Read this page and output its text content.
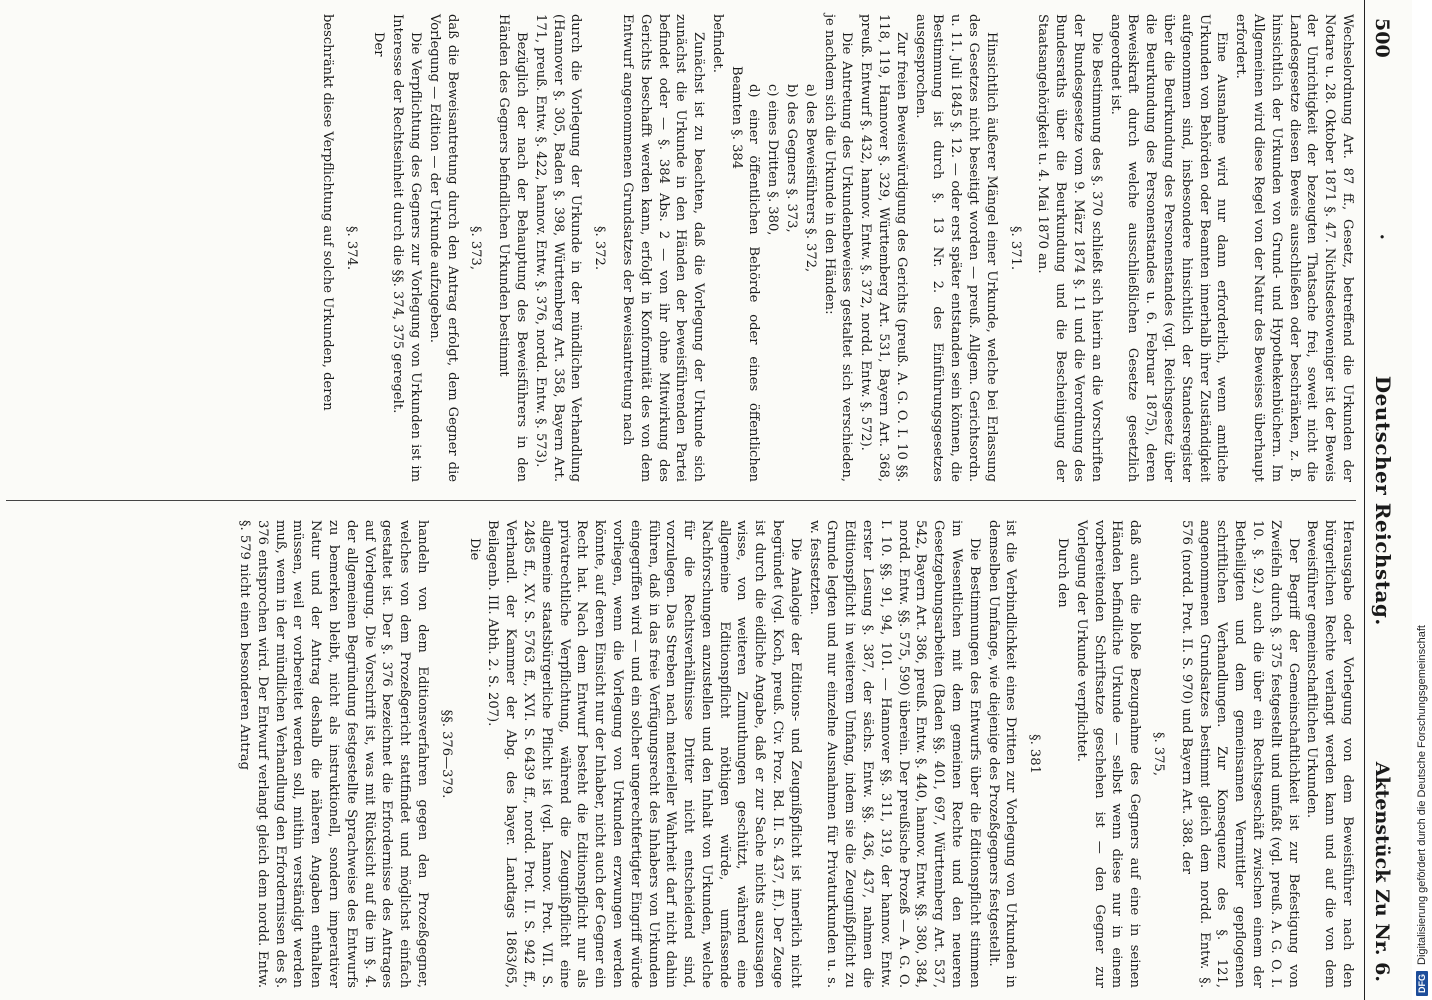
500
·
Deutscher Reichstag.
Aktenstück Zu Nr. 6.

Wechselordnung Art. 87 ff., Gesetz, betreffend die Urkunden der Notare u. 28. Oktober 1871 §. 47. Nichtsdestoweniger ist der Beweis der Unrichtigkeit der bezeugten Thatsache frei, soweit nicht die Landesgesetze diesen Beweis ausschließen oder beschränken, z. B. hinsichtlich der Urkunden von Grund- und Hypothekenbüchern. Im Allgemeinen wird diese Regel von der Natur des Beweises überhaupt erfordert.

Eine Ausnahme wird nur dann erforderlich, wenn amtliche Urkunden von Behörden oder Beamten innerhalb ihrer Zuständigkeit aufgenommen sind, insbesondere hinsichtlich der Standesregister über die Beurkundung des Personenstandes (vgl. Reichsgesetz über die Beurkundung des Personenstandes u. 6. Februar 1875), deren Beweiskraft durch welche ausschließlichen Gesetze gesetzlich angeordnet ist.

Die Bestimmung des §. 370 schließt sich hierin an die Vorschriften der Bundesgesetze vom 9. März 1874 §. 11 und die Verordnung des Bundesraths über die Beurkundung und die Bescheinigung der Staatsangehörigkeit u. 4. Mai 1870 an.

§. 371.

Hinsichtlich äußerer Mängel einer Urkunde, welche bei Erlassung des Gesetzes nicht beseitigt worden — preuß. Allgem. Gerichtsordn. u. 11. Juli 1845 §. 12. — oder erst später entstanden sein können, die Bestimmung ist durch §. 13 Nr. 2. des Einführungsgesetzes ausgesprochen.

Zur freien Beweiswürdigung des Gerichts (preuß. A. G. O. I. 10 §§. 118, 119, Hannover §. 329, Württemberg Art. 531, Bayern Art. 368, preuß. Entwurf §. 432, hannov. Entw. §. 372, nordd. Entw. §. 572).

Die Antretung des Urkundenbeweises gestaltet sich verschieden, je nachdem sich die Urkunde in den Händen:

a) des Beweisführers §. 372,

b) des Gegners §. 373,

c) eines Dritten §. 380,

d) einer öffentlichen Behörde oder eines öffentlichen Beamten §. 384

befindet.

Zunächst ist zu beachten, daß die Vorlegung der Urkunde sich zunächst die Urkunde in den Händen der beweisführenden Partei befindet oder — §. 384 Abs. 2 — von ihr ohne Mitwirkung des Gerichts beschafft werden kann, erfolgt in Konformität des von dem Entwurf angenommenen Grundsatzes der Beweisantretung nach

§. 372.

durch die Vorlegung der Urkunde in der mündlichen Verhandlung (Hannover §. 305, Baden §. 398, Württemberg Art. 358, Bayern Art. 171, preuß. Entw. §. 422, hannov. Entw. §. 376, nordd. Entw. §. 573).

Bezüglich der nach der Behauptung des Beweisführers in den Händen des Gegners befindlichen Urkunden bestimmt

§. 373,

daß die Beweisantretung durch den Antrag erfolgt, dem Gegner die Vorlegung — Edition — der Urkunde aufzugeben.

Die Verpflichtung des Gegners zur Vorlegung von Urkunden ist im Interesse der Rechtseinheit durch die §§. 374, 375 geregelt.

Der

§. 374.

beschränkt diese Verpflichtung auf solche Urkunden, deren

Herausgabe oder Vorlegung von dem Beweisführer nach den bürgerlichen Rechte verlangt werden kann und auf die von dem Beweisführer gemeinschaftlichen Urkunden.

Der Begriff der Gemeinschaftlichkeit ist zur Befestigung von Zweifeln durch §. 375 festgestellt und umfaßt (vgl. preuß. A. G. O. I. 10. §. 92.) auch die über ein Rechtsgeschäft zwischen einem der Betheiligten und dem gemeinsamen Vermittler gepflogenen schriftlichen Verhandlungen. Zur Konsequenz des §. 121, angenommenen Grundsatzes bestimmt gleich dem nordd. Entw. §. 576 (nordd. Prot. II. S. 970) und Bayern Art. 388. der

§. 375,

daß auch die bloße Bezugnahme des Gegners auf eine in seinen Händen befindliche Urkunde — selbst wenn diese nur in einem vorbereitenden Schriftsatze geschehen ist — den Gegner zur Vorlegung der Urkunde verpflichtet.

Durch den

§. 381

ist die Verbindlichkeit eines Dritten zur Vorlegung von Urkunden in demselben Umfange, wie diejenige des Prozeßgegners festgestellt.

Die Bestimmungen des Entwurfs über die Editionspflicht stimmen im Wesentlichen mit dem gemeinen Rechte und den neueren Gesetzgebungsarbeiten (Baden §§. 401, 697, Württemberg Art. 537, 542, Bayern Art. 386, preuß. Entw. §. 440, hannov. Entw. §§. 380, 384, nordd. Entw. §§. 575, 590) überein. Der preußische Prozeß — A. G. O. I. 10. §§. 91, 94, 101. — Hannover §§. 311, 319, der hannov. Entw. erster Lesung §. 387, der sächs. Entw. §§. 436, 437, nahmen die Editionspflicht in weiterem Umfang, indem sie die Zeugnißpflicht zu Grunde legten und nur einzelne Ausnahmen für Privaturkunden u. s. w. festsetzten.

Die Analogie der Editions- und Zeugnißpflicht ist innerlich nicht begründet (vgl. Koch, preuß. Civ. Proz. Bd. II. S. 437, ff.). Der Zeuge ist durch die eidliche Angabe, daß er zur Sache nichts auszusagen wisse, von weiteren Zumuthungen geschützt, während eine allgemeine Editionspflicht nöthigen würde, umfassende Nachforschungen anzustellen und den Inhalt von Urkunden, welche für die Rechtsverhältnisse Dritter nicht entscheidend sind, vorzulegen. Das Streben nach materieller Wahrheit darf nicht dahin führen, daß in das freie Verfügungsrecht des Inhabers von Urkunden eingegriffen wird — und ein solcher ungerechtfertigter Eingriff würde vorliegen, wenn die Vorlegung von Urkunden erzwungen werden könnte, auf deren Einsicht nur der Inhaber, nicht auch der Gegner ein Recht hat. Nach dem Entwurf besteht die Editionspflicht nur als privatrechtliche Verpflichtung, während die Zeugnißpflicht eine allgemeine staatsbürgerliche Pflicht ist (vgl. hannov. Prot. VII. S. 2485 ff., XV. S. 5763 ff., XVI. S. 6439 ff., nordd. Prot. II. S. 942 ff., Verhandl. der Kammer der Abg. des bayer. Landtags 1863/65, Beilagenb. III. Abth. 2. S. 207).

Die

§§. 376—379.

handeln von dem Editionsverfahren gegen den Prozeßgegner, welches von dem Prozeßgericht stattfindet und möglichst einfach gestaltet ist. Der §. 376 bezeichnet die Erfordernisse des Antrages auf Vorlegung. Die Vorschrift ist, was mit Rücksicht auf die im §. 4. der allgemeinen Begründung festgestellte Sprachweise des Entwurfs zu bemerken bleibt, nicht als instruktionell, sondern imperativer Natur und der Antrag deshalb die näheren Angaben enthalten müssen, weil er vorbereitet werden soll, mithin verständigt werden muß, wenn in der mündlichen Verhandlung den Erfordernissen des §. 376 entsprochen wird. Der Entwurf verlangt gleich dem nordd. Entw. §. 579 nicht einen besonderen Antrag

DFG
Digitalisierung gefördert durch die Deutsche Forschungsgemeinschaft
